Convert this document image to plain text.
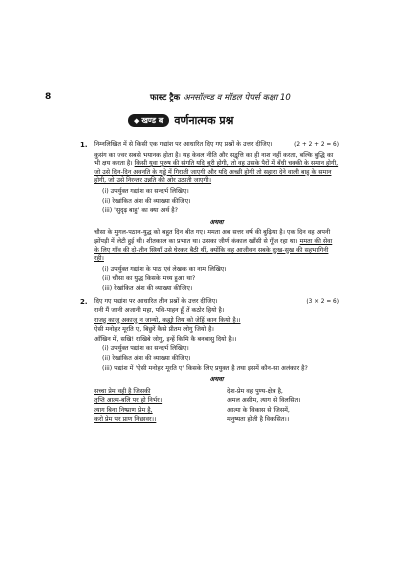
8	फास्ट ट्रैक अनसॉल्व्ड व मॉडल पेपर्स कक्षा 10
◆ खण्ड ब	वर्णनात्मक प्रश्न
1.	निम्नलिखित में से किसी एक गद्यांश पर आधारित दिए गए प्रश्नों के उत्तर दीजिए।	(2 + 2 + 2 = 6)
कुसंग का ज्वर सबसे भयानक होता है। यह केवल नीति और सद्वृत्ति का ही नाश नहीं करता, बल्कि बुद्धि का भी क्षय करता है। किसी युवा पुरुष की संगति यदि बुरी होगी, तो वह उसके पैरों में बँधी चक्की के समान होगी, जो उसे दिन-दिन अवनति के गड्ढे में गिराती जाएगी और यदि अच्छी होगी तो सहारा देने वाली बाहु के समान होगी, जो उसे निरन्तर उन्नति की ओर उठाती जाएगी।
(i) उपर्युक्त गद्यांश का सन्दर्भ लिखिए।
(ii) रेखांकित अंश की व्याख्या कीजिए।
(iii) 'सुदृढ़ बाहु' का क्या अर्थ है?
अथवा
चौसा के मुगल-पठान-युद्ध को बहुत दिन बीत गए। ममता अब सत्तर वर्ष की बुढ़िया है। एक दिन वह अपनी झोंपड़ी में लेटी हुई थी। शीतकाल का प्रभात था। उसका जीर्ण कंकाल खाँसी से गूँज रहा था। ममता की सेवा के लिए गाँव की दो-तीन स्त्रियाँ उसे घेरकर बैठी थीं, क्योंकि वह आजीवन सबके दुःख-सुख की सहभागिनी रही।
(i) उपर्युक्त गद्यांश के पाठ एवं लेखक का नाम लिखिए।
(ii) चौसा का युद्ध किसके मध्य हुआ था?
(iii) रेखांकित अंश की व्याख्या कीजिए।
2.	दिए गए पद्यांश पर आधारित तीन प्रश्नों के उत्तर दीजिए।	(3 × 2 = 6)
रानी मैं जानी अजानी महा, पवि-पाहन हूँ तें कठोर हियो है।
राजहू काजु अकाजु न जान्यो, कह्यो तिय को जेहिं कान कियो है।।
ऐसी मनोहर मूरति ए, बिछुरें कैसे प्रीतम लोगु जियो है।
आँखिन में, सखि! राखिबे जोगु, इन्हें किमि कै बनबासु दियो है।।
(i) उपर्युक्त पद्यांश का सन्दर्भ लिखिए।
(ii) रेखांकित अंश की व्याख्या कीजिए।
(iii) पद्यांश में 'ऐसी मनोहर मूरति ए' किसके लिए प्रयुक्त है तथा इसमें कौन-सा अलंकार है?
अथवा
सच्चा प्रेम वही है जिसकी
तृप्ति आत्म-बलि पर हो निर्भर।
त्याग बिना निष्प्राण प्रेम है,
करो प्रेम पर प्राण निछावर।।
देश-प्रेम वह पुण्य-क्षेत्र है,
अमल असीम, त्याग से विलसित।
आत्मा के विकास से जिसमें,
मनुष्यता होती है विकसित।।
